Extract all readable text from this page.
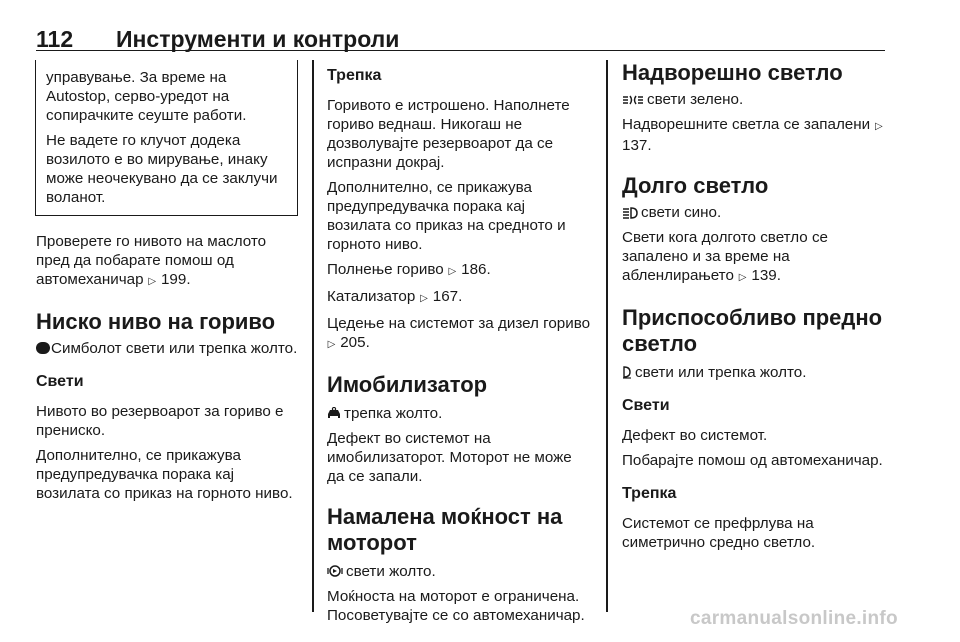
112 Инструменти и контроли

управување. За време на Autostop, серво-уредот на сопирачките сеуште работи.

Не вадете го клучот додека возилото е во мирување, инаку може неочекувано да се заклучи воланот.

Проверете го нивото на маслото пред да побарате помош од автомеханичар ▷ 199.

Ниско ниво на гориво

Симболот свети или трепка жолто.

Свети

Нивото во резервоарот за гориво е прениско.

Дополнително, се прикажува предупредувачка порака кај возилата со приказ на горното ниво.

Трепка

Горивото е истрошено. Наполнете гориво веднаш. Никогаш не дозволувајте резервоарот да се испразни докрај.

Дополнително, се прикажува предупредувачка порака кај возилата со приказ на средното и горното ниво.

Полнење гориво ▷ 186.

Катализатор ▷ 167.

Цедење на системот за дизел гориво ▷ 205.

Имобилизатор

трепка жолто.

Дефект во системот на имобилизаторот. Моторот не може да се запали.

Намалена моќност на моторот

свети жолто.

Моќноста на моторот е ограничена. Посоветувајте се со автомеханичар.

Надворешно светло

свети зелено.

Надворешните светла се запалени ▷ 137.

Долго светло

свети сино.

Свети кога долгото светло се запалено и за време на абленлирањето ▷ 139.

Приспособливо предно светло

свети или трепка жолто.

Свети

Дефект во системот.

Побарајте помош од автомеханичар.

Трепка

Системот се префрлува на симетрично средно светло.

carmanualsonline.info
